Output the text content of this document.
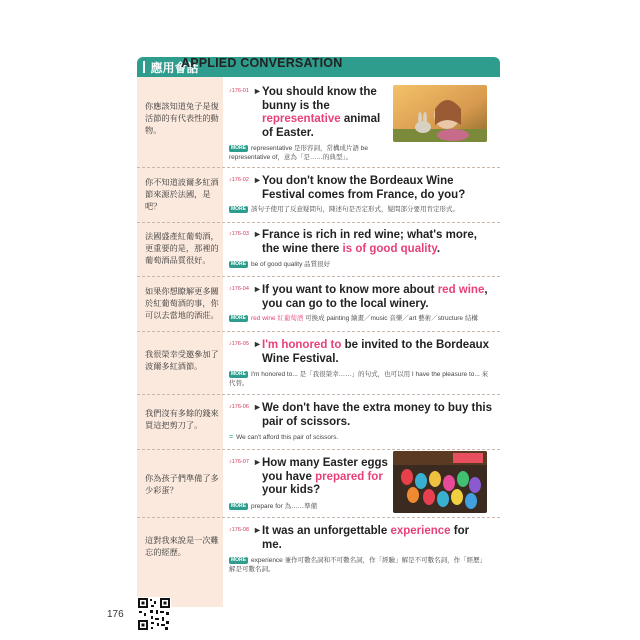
APPLIED CONVERSATION
應用會話
你應該知道兔子是復活節的有代表性的動物。
♪176-01 ► You should know the bunny is the representative animal of Easter.
MORE representative 是形容詞，常構成片語 be representative of，意為「是……的典型」。
你不知道波爾多紅酒節來源於法國，是吧？
♪176-02 ► You don't know the Bordeaux Wine Festival comes from France, do you?
MORE 該句子使用了反意疑問句，陳述句是否定形式，疑問部分要用肯定形式。
法國盛產紅葡萄酒，更重要的是，那裡的葡萄酒品質很好。
♪176-03 ► France is rich in red wine; what's more, the wine there is of good quality.
MORE be of good quality 品質很好
如果你想瞭解更多關於紅葡萄酒的事，你可以去當地的酒莊。
♪176-04 ► If you want to know more about red wine, you can go to the local winery.
MORE red wine 紅葡萄酒 可換成 painting 繪畫／music 音樂／art 藝術／structure 結構
我很榮幸受邀參加了波爾多紅酒節。
♪176-05 ► I'm honored to be invited to the Bordeaux Wine Festival.
MORE I'm honored to... 是「我很榮幸……」的句式，也可以用 I have the pleasure to... 來代替。
我們沒有多餘的錢來買這把剪刀了。
♪176-06 ► We don't have the extra money to buy this pair of scissors.
= We can't afford this pair of scissors.
你為孩子們準備了多少彩蛋？
♪176-07 ► How many Easter eggs you have prepared for your kids?
MORE prepare for 為……準備
這對我來說是一次難忘的經歷。
♪176-08 ► It was an unforgettable experience for me.
MORE experience 兼作可數名詞和不可數名詞，作「經驗」解是不可數名詞，作「經歷」解是可數名詞。
176
